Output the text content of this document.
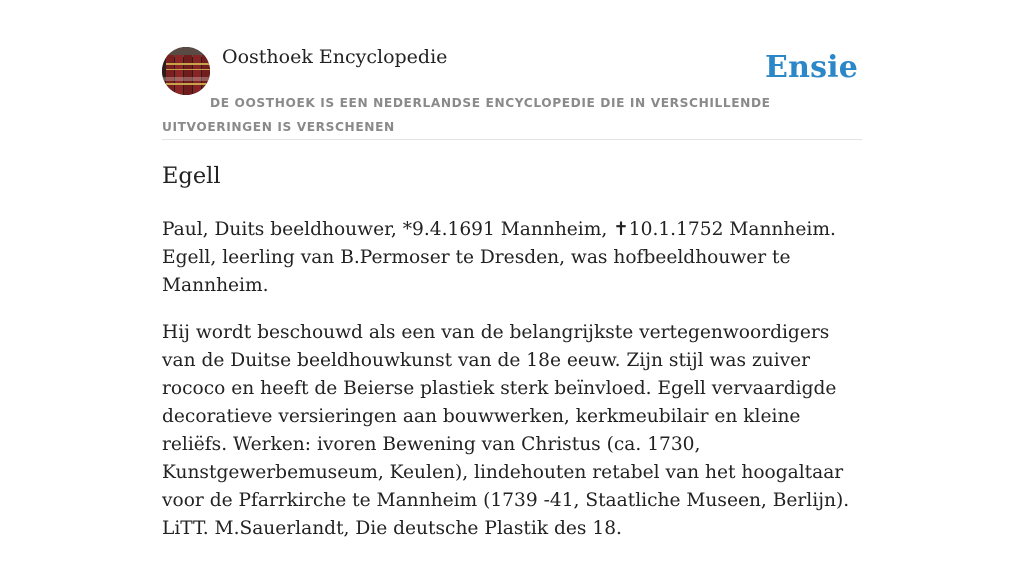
Oosthoek Encyclopedie	Ensie
DE OOSTHOEK IS EEN NEDERLANDSE ENCYCLOPEDIE DIE IN VERSCHILLENDE UITVOERINGEN IS VERSCHENEN
Egell

Paul, Duits beeldhouwer, *9.4.1691 Mannheim, ✝10.1.1752 Mannheim. Egell, leerling van B.Permoser te Dresden, was hofbeeldhouwer te Mannheim.

Hij wordt beschouwd als een van de belangrijkste vertegenwoordigers van de Duitse beeldhouwkunst van de 18e eeuw. Zijn stijl was zuiver rococo en heeft de Beierse plastiek sterk beïnvloed. Egell vervaardigde decoratieve versieringen aan bouwwerken, kerkmeubilair en kleine reliëfs. Werken: ivoren Bewening van Christus (ca. 1730, Kunstgewerbemuseum, Keulen), lindehouten retabel van het hoogaltaar voor de Pfarrkirche te Mannheim (1739 -41, Staatliche Museen, Berlijn). LiTT. M.Sauerlandt, Die deutsche Plastik des 18.
